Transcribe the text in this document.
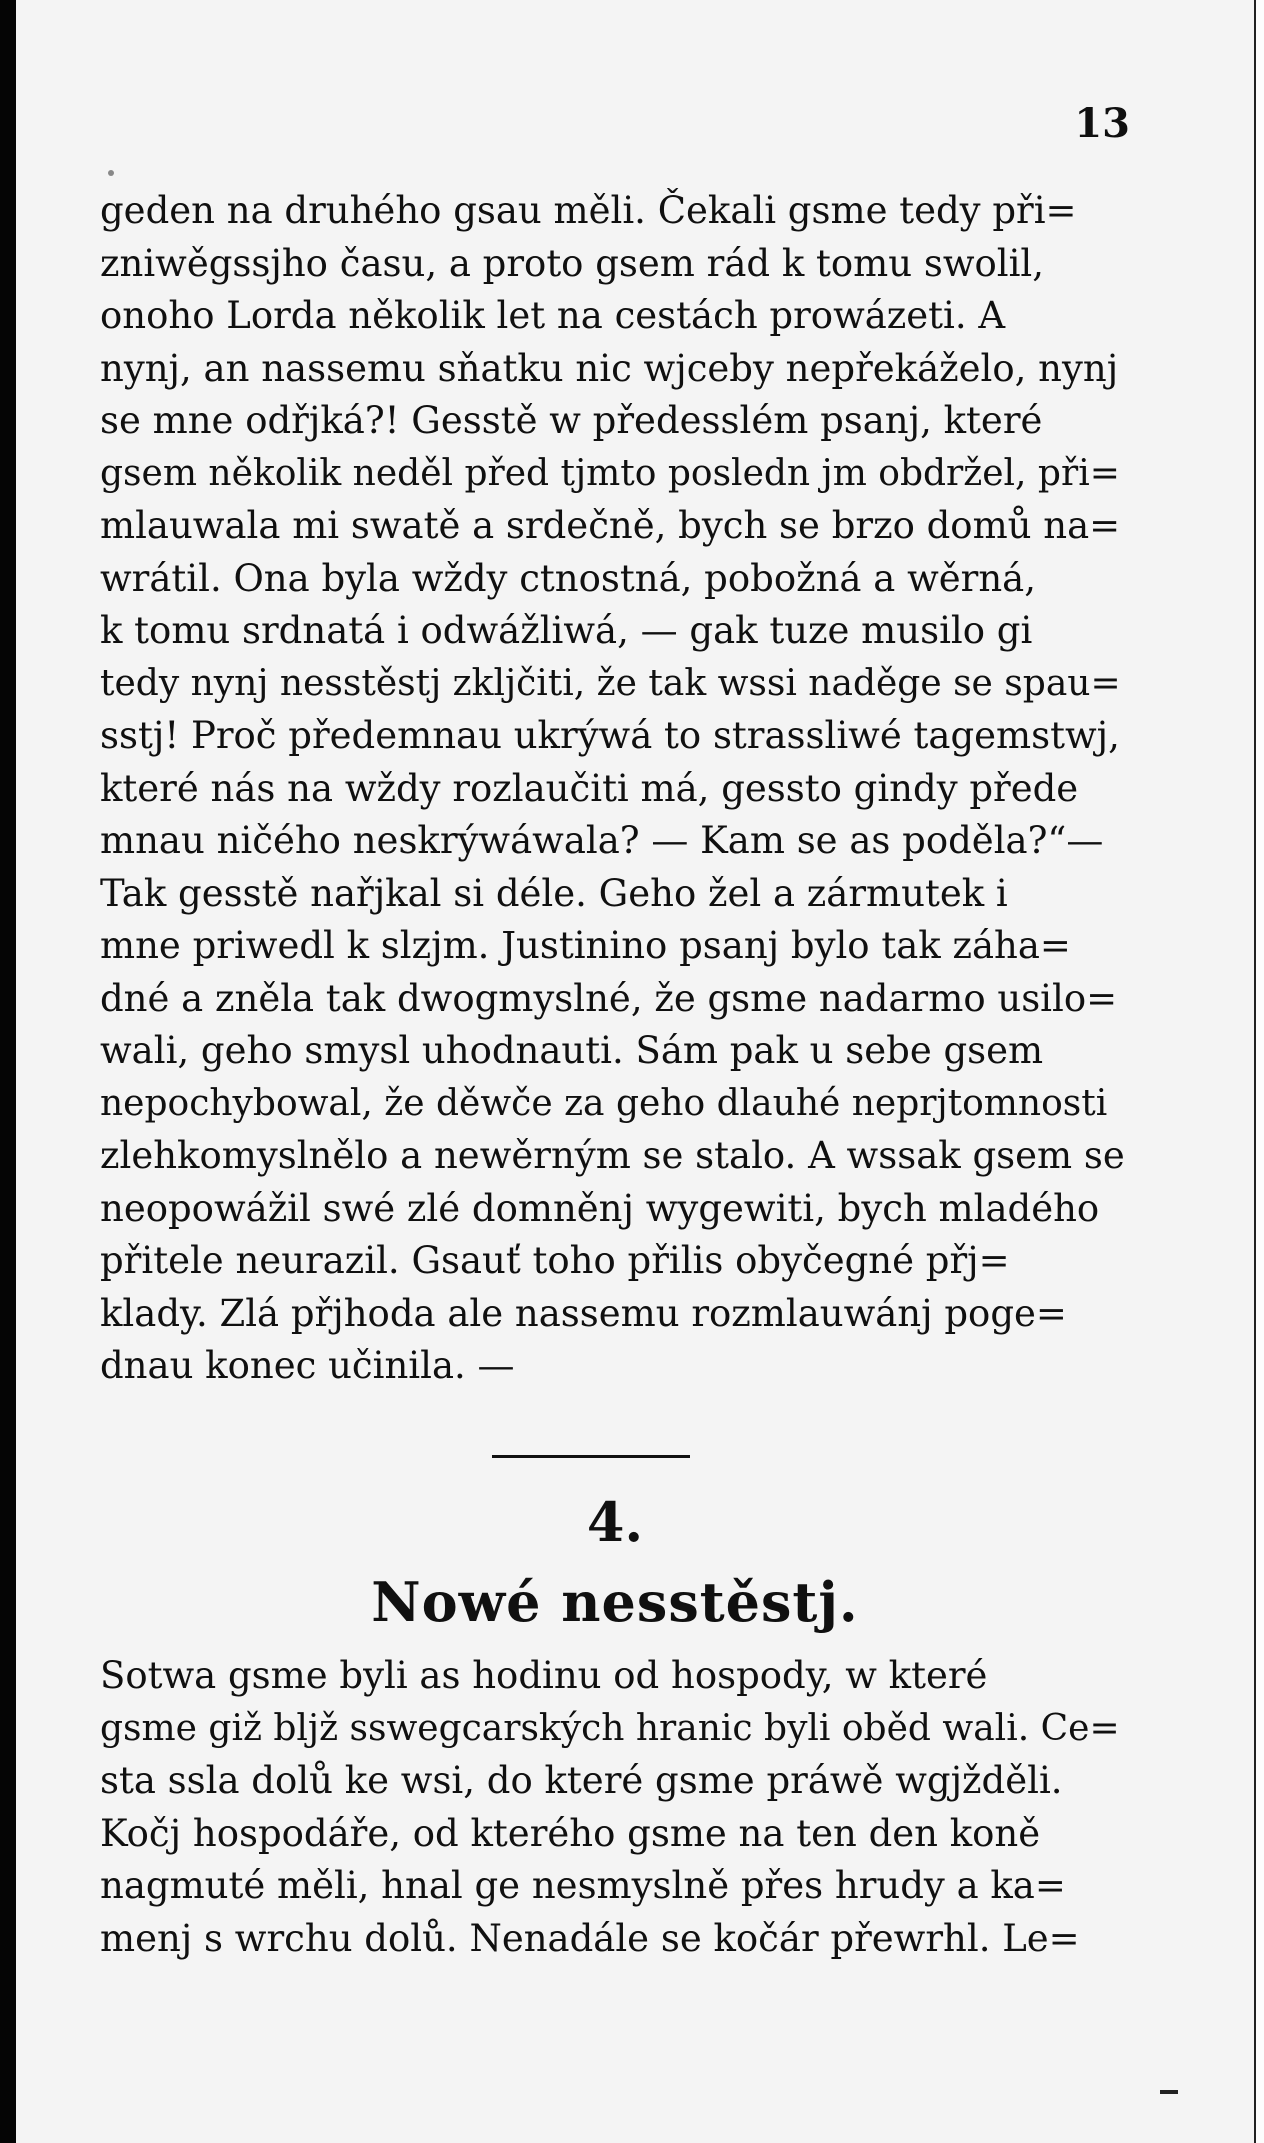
13
geden na druhého gsau měli. Čekali gsme tedy při=
zniwěgssjho času, a proto gsem rád k tomu swolil,
onoho Lorda několik let na cestách prowázeti. A
nynj, an nassemu sňatku nic wjceby nepřekáželo, nynj
se mne odřjká?! Gesstě w předesslém psanj, které
gsem několik neděl před tjmto posledn jm obdržel, při=
mlauwala mi swatě a srdečně, bych se brzo domů na=
wrátil. Ona byla wždy ctnostná, pobožná a wěrná,
k tomu srdnatá i odwážliwá, — gak tuze musilo gi
tedy nynj nesstěstj zkljčiti, že tak wssi naděge se spau=
sstj! Proč předemnau ukrýwá to strassliwé tagemstwj,
které nás na wždy rozlaučiti má, gessto gindy přede
mnau ničého neskrýwáwala? — Kam se as poděla?“—
Tak gesstě nařjkal si déle. Geho žel a zármutek i
mne priwedl k slzjm. Justinino psanj bylo tak záha=
dné a zněla tak dwogmyslné, že gsme nadarmo usilo=
wali, geho smysl uhodnauti. Sám pak u sebe gsem
nepochybowal, že děwče za geho dlauhé neprjtomnosti
zlehkomyslnělo a newěrným se stalo. A wssak gsem se
neopowážil swé zlé domněnj wygewiti, bych mladého
přitele neurazil. Gsauť toho přilis obyčegné přj=
klady. Zlá přjhoda ale nassemu rozmlauwánj poge=
dnau konec učinila. —
4.
Nowé nesstěstj.
Sotwa gsme byli as hodinu od hospody, w které
gsme giž bljž sswegcarských hranic byli oběd wali. Ce=
sta ssla dolů ke wsi, do které gsme práwě wgjžděli.
Kočj hospodáře, od kterého gsme na ten den koně
nagmuté měli, hnal ge nesmyslně přes hrudy a ka=
menj s wrchu dolů. Nenadále se kočár přewrhl. Le=
